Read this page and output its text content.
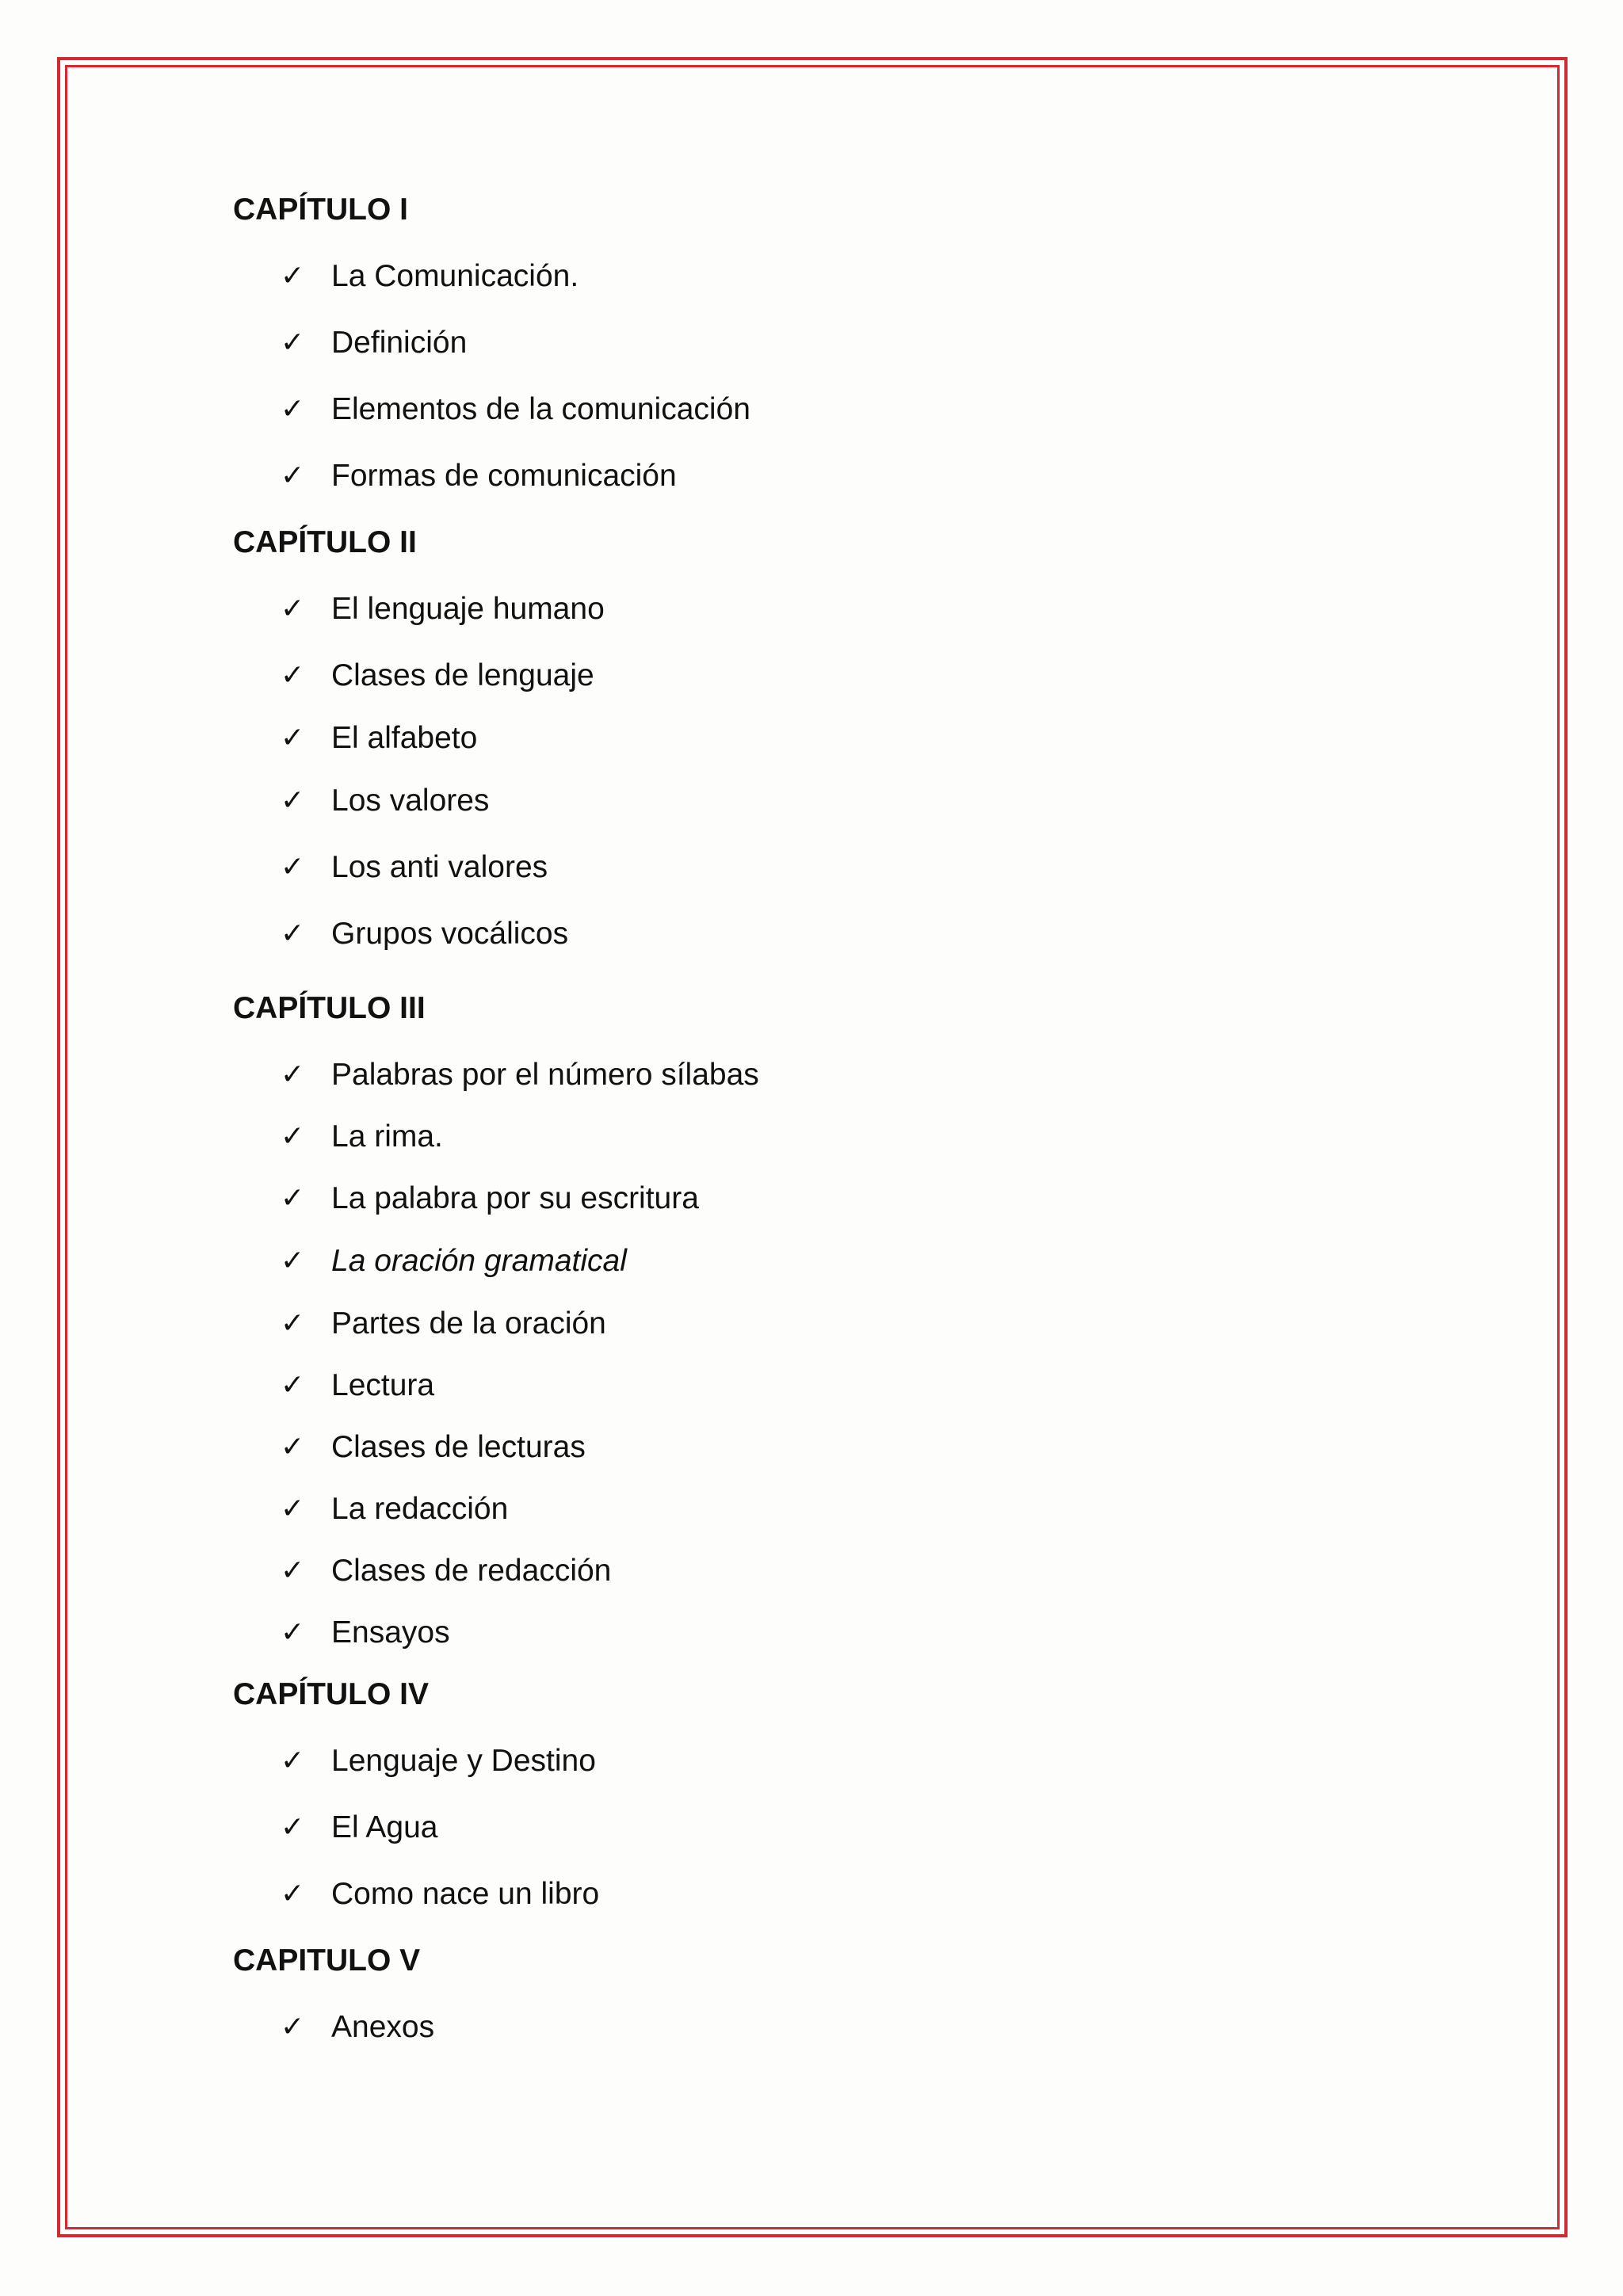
CAPÍTULO I
✓ La Comunicación.
✓ Definición
✓ Elementos de la comunicación
✓ Formas de comunicación
CAPÍTULO II
✓ El lenguaje humano
✓ Clases de lenguaje
✓ El alfabeto
✓ Los valores
✓ Los anti valores
✓ Grupos vocálicos
CAPÍTULO III
✓ Palabras por el número sílabas
✓ La rima.
✓ La palabra por su escritura
✓ La oración gramatical
✓ Partes de la oración
✓ Lectura
✓ Clases de lecturas
✓ La redacción
✓ Clases de redacción
✓ Ensayos
CAPÍTULO IV
✓ Lenguaje y Destino
✓ El Agua
✓ Como nace un libro
CAPITULO V
✓ Anexos
